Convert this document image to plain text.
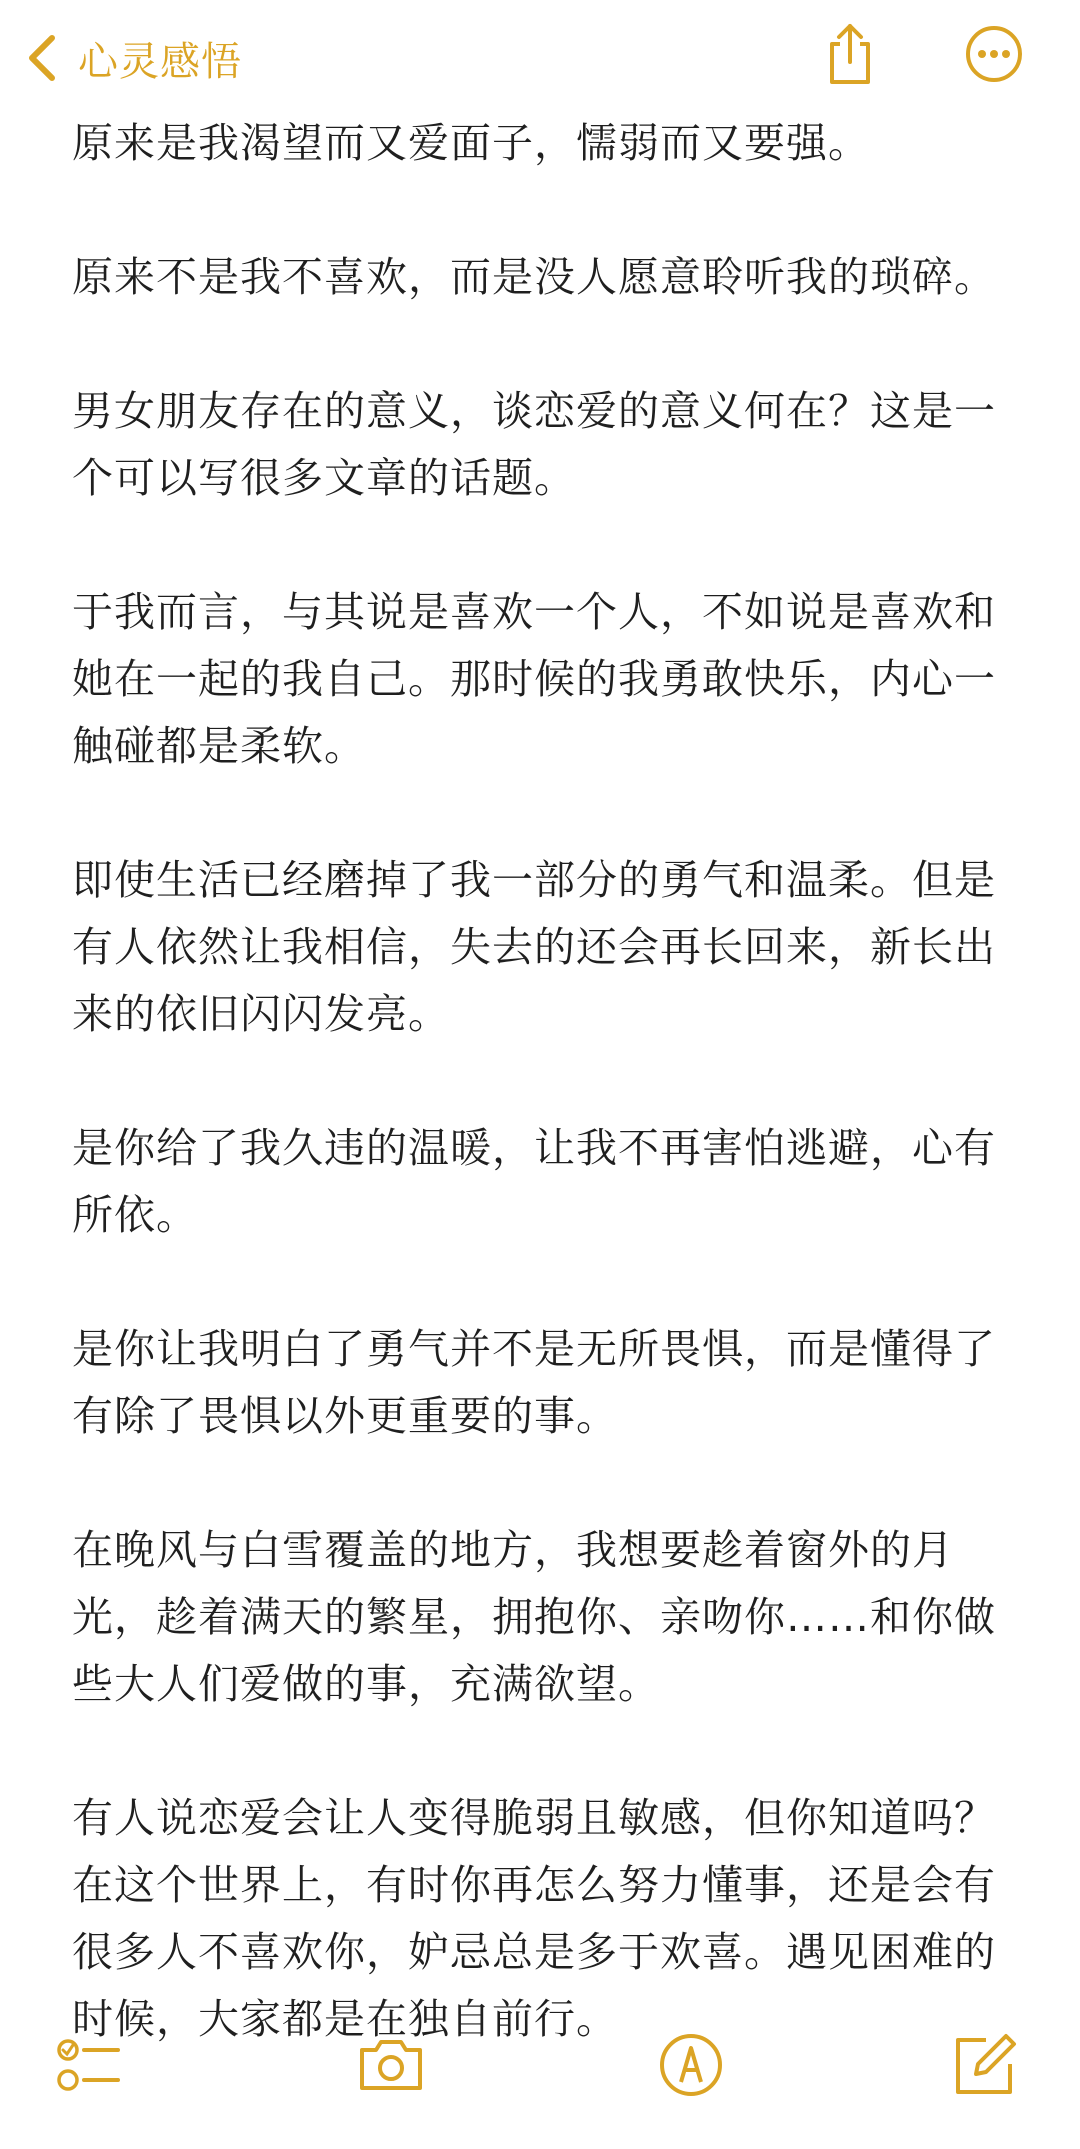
心灵感悟

原来是我渴望而又爱面子，懦弱而又要强。

原来不是我不喜欢，而是没人愿意聆听我的琐碎。

男女朋友存在的意义，谈恋爱的意义何在？这是一个可以写很多文章的话题。

于我而言，与其说是喜欢一个人，不如说是喜欢和她在一起的我自己。那时候的我勇敢快乐，内心一触碰都是柔软。

即使生活已经磨掉了我一部分的勇气和温柔。但是有人依然让我相信，失去的还会再长回来，新长出来的依旧闪闪发亮。

是你给了我久违的温暖，让我不再害怕逃避，心有所依。

是你让我明白了勇气并不是无所畏惧，而是懂得了有除了畏惧以外更重要的事。

在晚风与白雪覆盖的地方，我想要趁着窗外的月光，趁着满天的繁星，拥抱你、亲吻你……和你做些大人们爱做的事，充满欲望。

有人说恋爱会让人变得脆弱且敏感，但你知道吗？在这个世界上，有时你再怎么努力懂事，还是会有很多人不喜欢你，妒忌总是多于欢喜。遇见困难的时候，大家都是在独自前行。
